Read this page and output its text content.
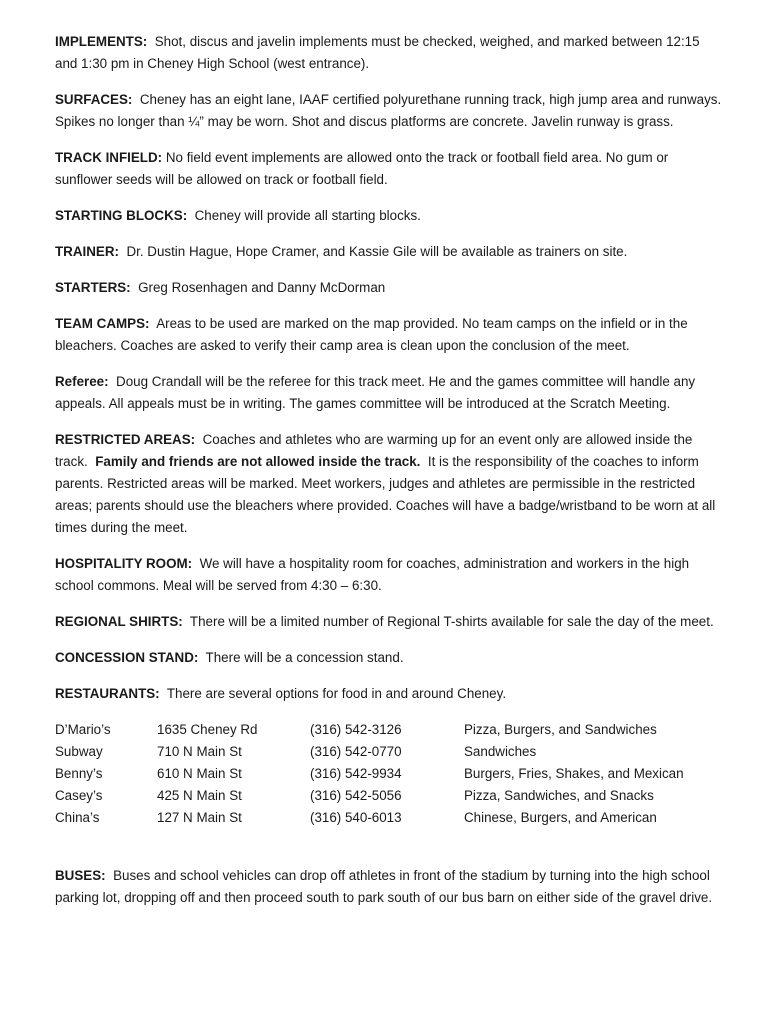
IMPLEMENTS: Shot, discus and javelin implements must be checked, weighed, and marked between 12:15 and 1:30 pm in Cheney High School (west entrance).

SURFACES: Cheney has an eight lane, IAAF certified polyurethane running track, high jump area and runways. Spikes no longer than ¼” may be worn. Shot and discus platforms are concrete. Javelin runway is grass.

TRACK INFIELD: No field event implements are allowed onto the track or football field area. No gum or sunflower seeds will be allowed on track or football field.

STARTING BLOCKS: Cheney will provide all starting blocks.

TRAINER: Dr. Dustin Hague, Hope Cramer, and Kassie Gile will be available as trainers on site.

STARTERS: Greg Rosenhagen and Danny McDorman

TEAM CAMPS: Areas to be used are marked on the map provided. No team camps on the infield or in the bleachers. Coaches are asked to verify their camp area is clean upon the conclusion of the meet.

Referee: Doug Crandall will be the referee for this track meet. He and the games committee will handle any appeals. All appeals must be in writing. The games committee will be introduced at the Scratch Meeting.

RESTRICTED AREAS: Coaches and athletes who are warming up for an event only are allowed inside the track. Family and friends are not allowed inside the track. It is the responsibility of the coaches to inform parents. Restricted areas will be marked. Meet workers, judges and athletes are permissible in the restricted areas; parents should use the bleachers where provided. Coaches will have a badge/wristband to be worn at all times during the meet.

HOSPITALITY ROOM: We will have a hospitality room for coaches, administration and workers in the high school commons. Meal will be served from 4:30 – 6:30.

REGIONAL SHIRTS: There will be a limited number of Regional T-shirts available for sale the day of the meet.

CONCESSION STAND: There will be a concession stand.

RESTAURANTS: There are several options for food in and around Cheney.

D’Mario’s	1635 Cheney Rd	(316) 542-3126	Pizza, Burgers, and Sandwiches
Subway	710 N Main St	(316) 542-0770	Sandwiches
Benny’s	610 N Main St	(316) 542-9934	Burgers, Fries, Shakes, and Mexican
Casey’s	425 N Main St	(316) 542-5056	Pizza, Sandwiches, and Snacks
China’s	127 N Main St	(316) 540-6013	Chinese, Burgers, and American

BUSES: Buses and school vehicles can drop off athletes in front of the stadium by turning into the high school parking lot, dropping off and then proceed south to park south of our bus barn on either side of the gravel drive.
